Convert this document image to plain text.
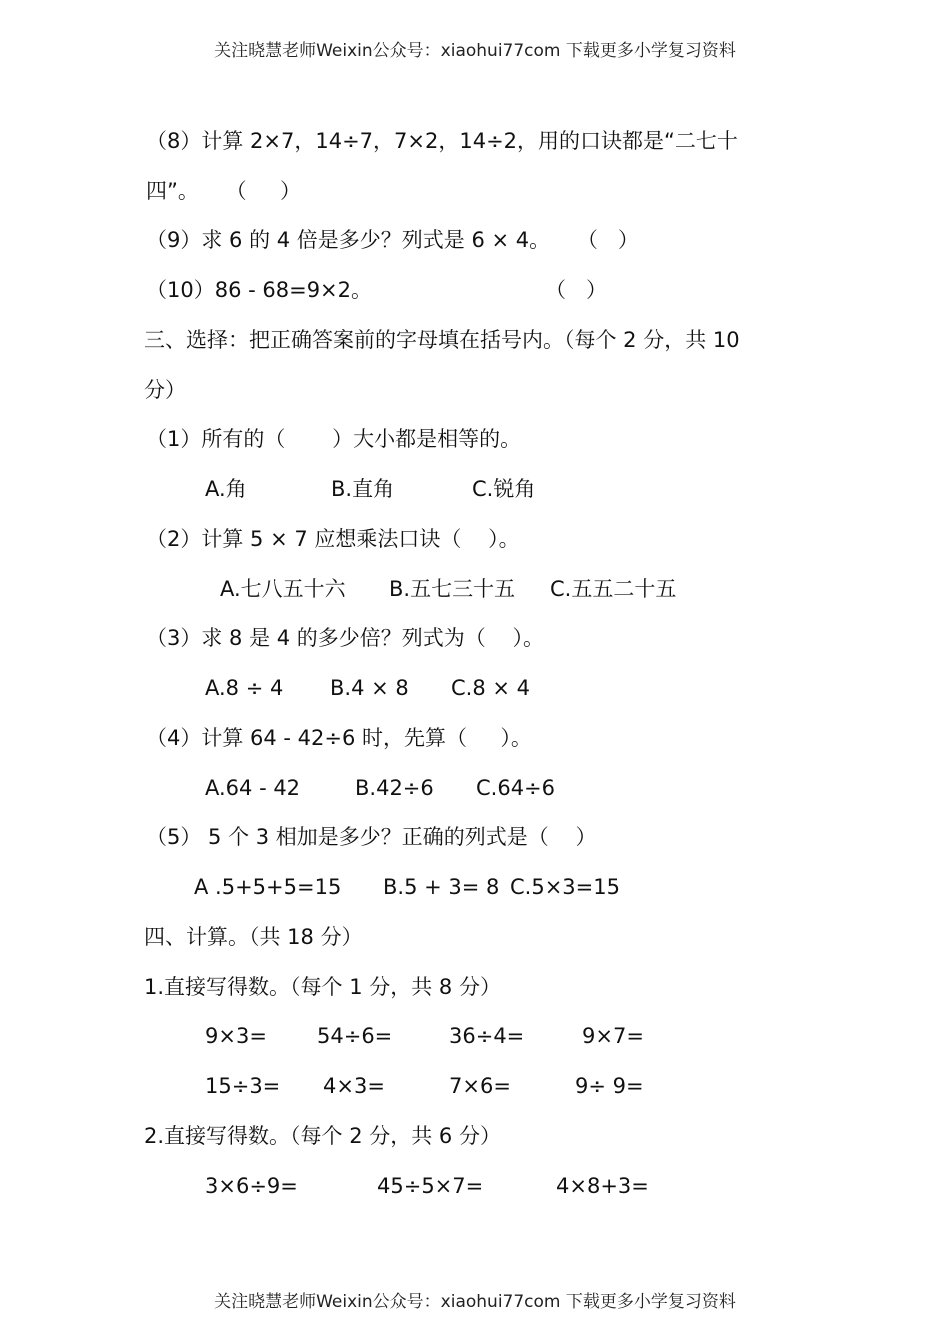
关注晓慧老师Weixin公众号：xiaohui77com 下载更多小学复习资料
（8）计算 2×7，14÷7，7×2，14÷2，用的口诀都是“二七十
四”。    （     ）
（9）求 6 的 4 倍是多少？列式是 6 × 4。    （   ）
（10）86 - 68=9×2。	（   ）
三、选择：把正确答案前的字母填在括号内。（每个 2 分，共 10
分）
（1）所有的（       ）大小都是相等的。
A.角	B.直角	C.锐角
（2）计算 5 × 7 应想乘法口诀（    ）。
A.七八五十六 B.五七三十五 C.五五二十五
（3）求 8 是 4 的多少倍？列式为（    ）。
A.8 ÷ 4 B.4 × 8 C.8 × 4
（4）计算 64 - 42÷6 时，先算（     ）。
A.64 - 42	B.42÷6 C.64÷6
（5） 5 个 3 相加是多少？正确的列式是（    ）
A .5+5+5=15 B.5 + 3= 8 C.5×3=15
四、计算。（共 18 分）
1.直接写得数。（每个 1 分，共 8 分）
9×3= 54÷6=	36÷4=	9×7=
15÷3= 4×3=	7×6=	9÷ 9=
2.直接写得数。（每个 2 分，共 6 分）
3×6÷9=	45÷5×7=	4×8+3=
关注晓慧老师Weixin公众号：xiaohui77com 下载更多小学复习资料
